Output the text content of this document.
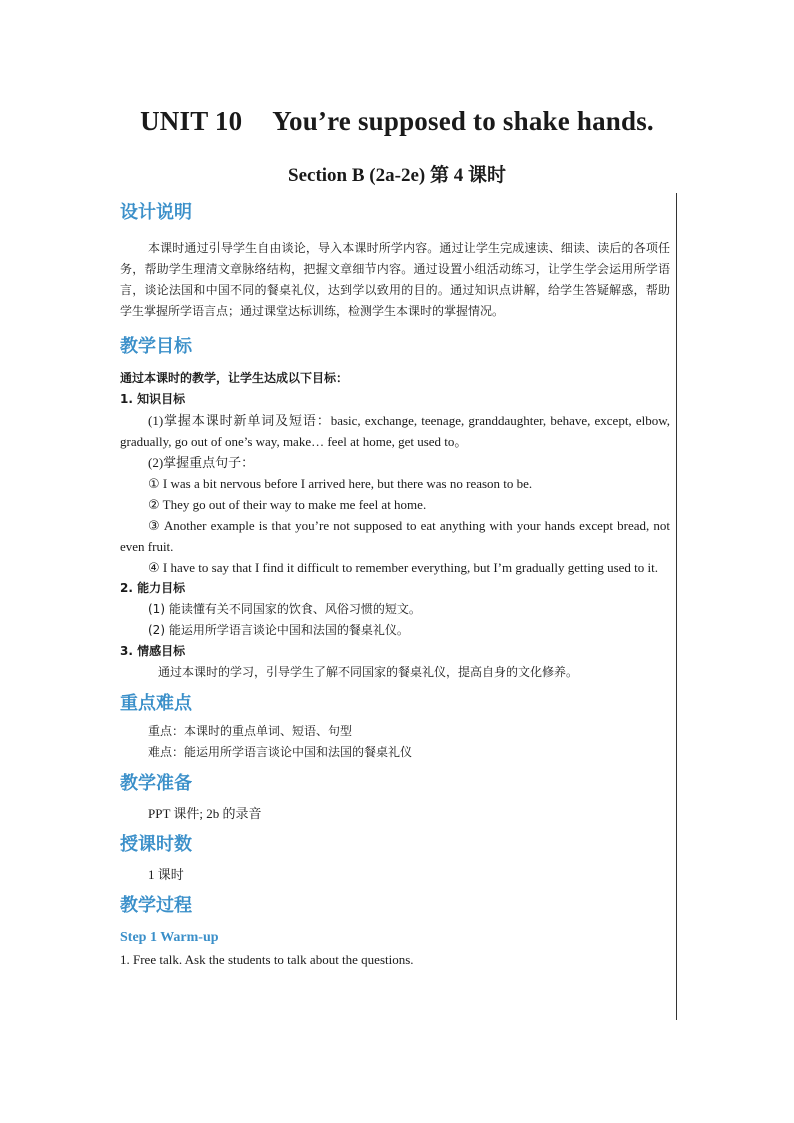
UNIT 10 You’re supposed to shake hands.
Section B (2a-2e) 第 4 课时
设计说明

本课时通过引导学生自由谈论，导入本课时所学内容。通过让学生完成速读、细读、读后的各项任务，帮助学生理清文章脉络结构，把握文章细节内容。通过设置小组活动练习，让学生学会运用所学语言，谈论法国和中国不同的餐桌礼仪，达到学以致用的目的。通过知识点讲解，给学生答疑解惑，帮助学生掌握所学语言点；通过课堂达标训练，检测学生本课时的掌握情况。

教学目标

通过本课时的教学，让学生达成以下目标：

1. 知识目标

(1)掌握本课时新单词及短语：basic, exchange, teenage, granddaughter, behave, except, elbow, gradually, go out of one’s way, make… feel at home, get used to。

(2)掌握重点句子：

① I was a bit nervous before I arrived here, but there was no reason to be.

② They go out of their way to make me feel at home.

③ Another example is that you’re not supposed to eat anything with your hands except bread, not even fruit.

④ I have to say that I find it difficult to remember everything, but I’m gradually getting used to it.

2. 能力目标

(1) 能读懂有关不同国家的饮食、风俗习惯的短文。

(2) 能运用所学语言谈论中国和法国的餐桌礼仪。

3. 情感目标

通过本课时的学习，引导学生了解不同国家的餐桌礼仪，提高自身的文化修养。

重点难点

重点：本课时的重点单词、短语、句型

难点：能运用所学语言谈论中国和法国的餐桌礼仪

教学准备

PPT 课件; 2b 的录音

授课时数

1 课时

教学过程

Step 1 Warm-up

1. Free talk. Ask the students to talk about the questions.
